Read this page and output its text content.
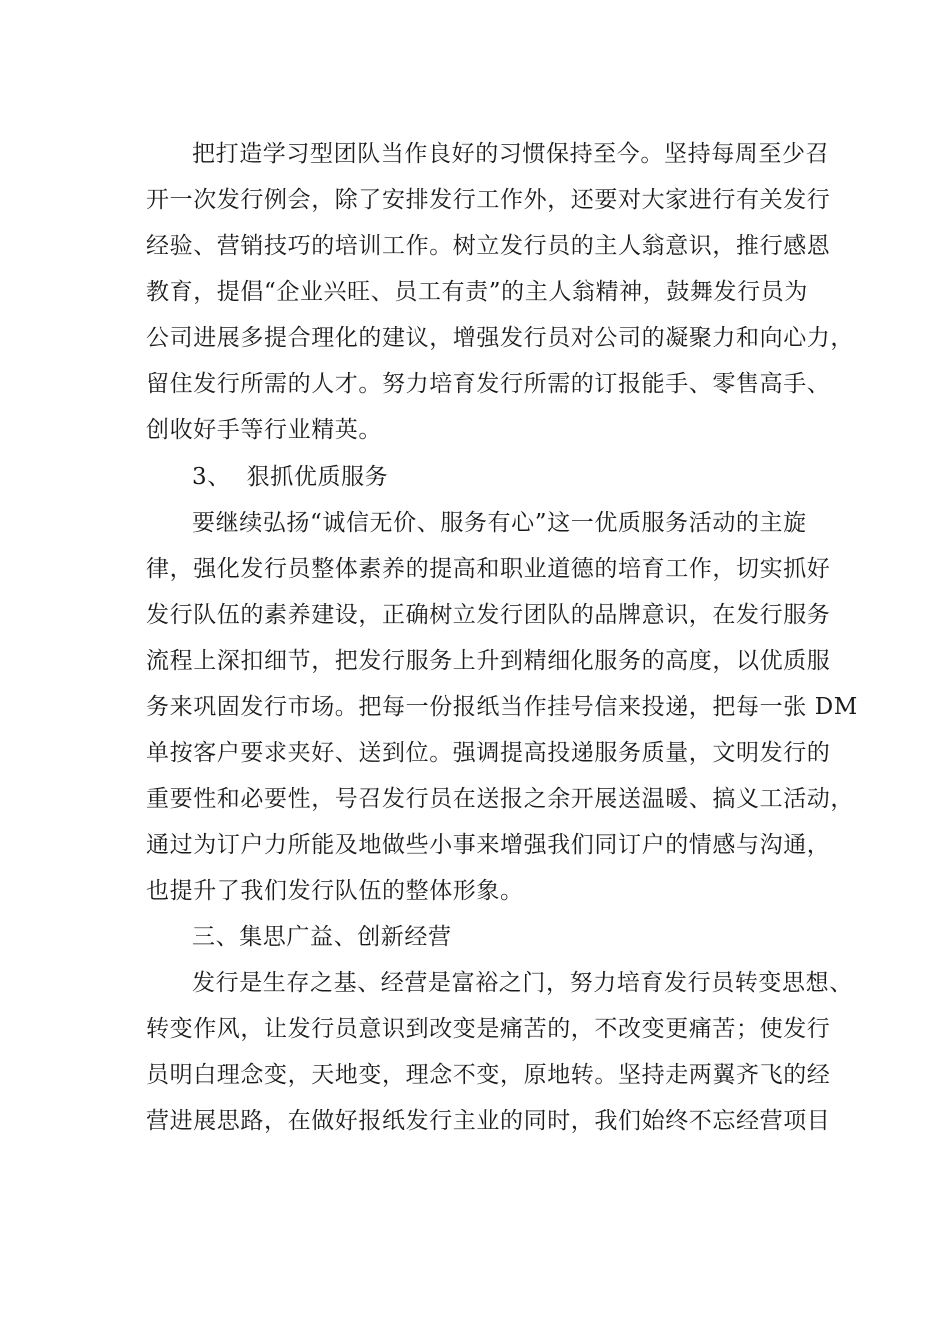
把打造学习型团队当作良好的习惯保持至今。坚持每周至少召
开一次发行例会，除了安排发行工作外，还要对大家进行有关发行
经验、营销技巧的培训工作。树立发行员的主人翁意识，推行感恩
教育，提倡“企业兴旺、员工有责”的主人翁精神，鼓舞发行员为
公司进展多提合理化的建议，增强发行员对公司的凝聚力和向心力，
留住发行所需的人才。努力培育发行所需的订报能手、零售高手、
创收好手等行业精英。
3、  狠抓优质服务
要继续弘扬“诚信无价、服务有心”这一优质服务活动的主旋
律，强化发行员整体素养的提高和职业道德的培育工作，切实抓好
发行队伍的素养建设，正确树立发行团队的品牌意识，在发行服务
流程上深扣细节，把发行服务上升到精细化服务的高度，以优质服
务来巩固发行市场。把每一份报纸当作挂号信来投递，把每一张 DM
单按客户要求夹好、送到位。强调提高投递服务质量，文明发行的
重要性和必要性，号召发行员在送报之余开展送温暖、搞义工活动，
通过为订户力所能及地做些小事来增强我们同订户的情感与沟通，
也提升了我们发行队伍的整体形象。
三、集思广益、创新经营
发行是生存之基、经营是富裕之门，努力培育发行员转变思想、
转变作风，让发行员意识到改变是痛苦的，不改变更痛苦；使发行
员明白理念变，天地变，理念不变，原地转。坚持走两翼齐飞的经
营进展思路，在做好报纸发行主业的同时，我们始终不忘经营项目
